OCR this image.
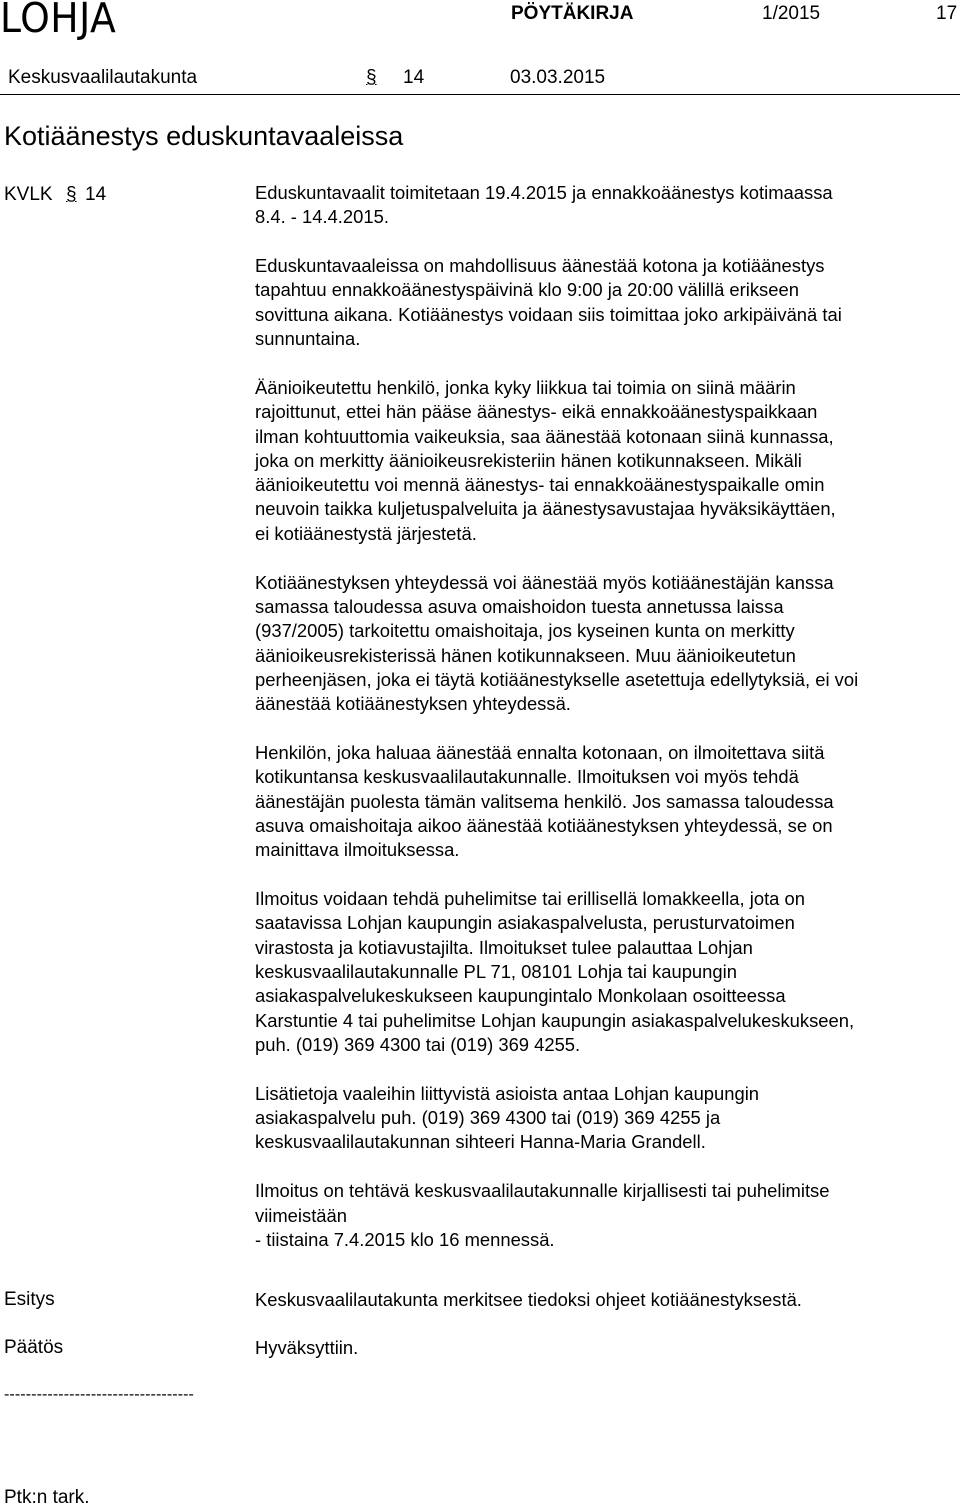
LOHJA	PÖYTÄKIRJA	1/2015	17
Keskusvaalilautakunta	§ 14	03.03.2015
Kotiäänestys eduskuntavaaleissa
KVLK § 14	Eduskuntavaalit toimitetaan 19.4.2015 ja ennakkoäänestys kotimaassa
8.4. - 14.4.2015.

Eduskuntavaaleissa on mahdollisuus äänestää kotona ja kotiäänestys
tapahtuu ennakkoäänestyspäivinä klo 9:00 ja 20:00 välillä erikseen
sovittuna aikana. Kotiäänestys voidaan siis toimittaa joko arkipäivänä tai
sunnuntaina.

Äänioikeutettu henkilö, jonka kyky liikkua tai toimia on siinä määrin
rajoittunut, ettei hän pääse äänestys- eikä ennakkoäänestyspaikkaan
ilman kohtuuttomia vaikeuksia, saa äänestää kotonaan siinä kunnassa,
joka on merkitty äänioikeusrekisteriin hänen kotikunnakseen. Mikäli
äänioikeutettu voi mennä äänestys- tai ennakkoäänestyspaikalle omin
neuvoin taikka kuljetuspalveluita ja äänestysavustajaa hyväksikäyttäen,
ei kotiäänestystä järjestetä.

Kotiäänestyksen yhteydessä voi äänestää myös kotiäänestäjän kanssa
samassa taloudessa asuva omaishoidon tuesta annetussa laissa
(937/2005) tarkoitettu omaishoitaja, jos kyseinen kunta on merkitty
äänioikeusrekisterissä hänen kotikunnakseen. Muu äänioikeutetun
perheenjäsen, joka ei täytä kotiäänestykselle asetettuja edellytyksiä, ei voi
äänestää kotiäänestyksen yhteydessä.

Henkilön, joka haluaa äänestää ennalta kotonaan, on ilmoitettava siitä
kotikuntansa keskusvaalilautakunnalle. Ilmoituksen voi myös tehdä
äänestäjän puolesta tämän valitsema henkilö. Jos samassa taloudessa
asuva omaishoitaja aikoo äänestää kotiäänestyksen yhteydessä, se on
mainittava ilmoituksessa.

Ilmoitus voidaan tehdä puhelimitse tai erillisellä lomakkeella, jota on
saatavissa Lohjan kaupungin asiakaspalvelusta, perusturvatoimen
virastosta ja kotiavustajilta. Ilmoitukset tulee palauttaa Lohjan
keskusvaalilautakunnalle PL 71, 08101 Lohja tai kaupungin
asiakaspalvelukeskukseen kaupungintalo Monkolaan osoitteessa
Karstuntie 4 tai puhelimitse Lohjan kaupungin asiakaspalvelukeskukseen,
puh. (019) 369 4300 tai (019) 369 4255.

Lisätietoja vaaleihin liittyvistä asioista antaa Lohjan kaupungin
asiakaspalvelu puh. (019) 369 4300 tai (019) 369 4255 ja
keskusvaalilautakunnan sihteeri Hanna-Maria Grandell.

Ilmoitus on tehtävä keskusvaalilautakunnalle kirjallisesti tai puhelimitse
viimeistään
- tiistaina 7.4.2015 klo 16 mennessä.

Esitys	Keskusvaalilautakunta merkitsee tiedoksi ohjeet kotiäänestyksestä.
Päätös	Hyväksyttiin.
-----------------------------------
Ptk:n tark.
